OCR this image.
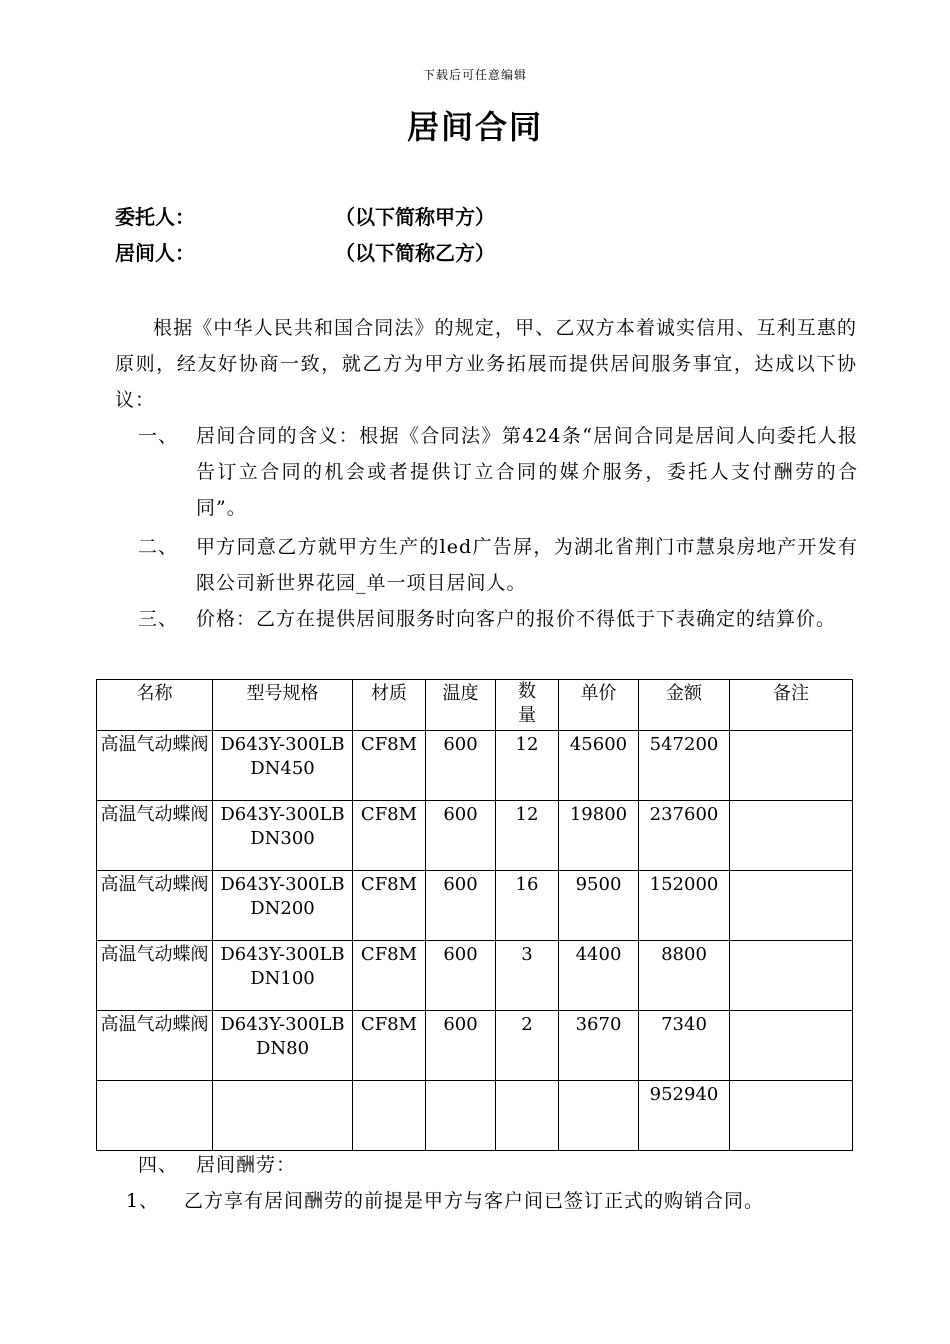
下载后可任意编辑
居间合同
委托人：	（以下简称甲方）
居间人：	（以下简称乙方）
根据《中华人民共和国合同法》的规定，甲、乙双方本着诚实信用、互利互惠的原则，经友好协商一致，就乙方为甲方业务拓展而提供居间服务事宜，达成以下协议：
一、 居间合同的含义：根据《合同法》第424条“居间合同是居间人向委托人报告订立合同的机会或者提供订立合同的媒介服务，委托人支付酬劳的合同”。
二、 甲方同意乙方就甲方生产的led广告屏，为湖北省荆门市慧泉房地产开发有限公司新世界花园_单一项目居间人。
三、 价格：乙方在提供居间服务时向客户的报价不得低于下表确定的结算价。
名称	型号规格	材质	温度	数量	单价	金额	备注
高温气动蝶阀	D643Y-300LB DN450	CF8M	600	12	45600	547200	
高温气动蝶阀	D643Y-300LB DN300	CF8M	600	12	19800	237600	
高温气动蝶阀	D643Y-300LB DN200	CF8M	600	16	9500	152000	
高温气动蝶阀	D643Y-300LB DN100	CF8M	600	3	4400	8800	
高温气动蝶阀	D643Y-300LB DN80	CF8M	600	2	3670	7340	
						952940	
四、 居间酬劳：
1、 乙方享有居间酬劳的前提是甲方与客户间已签订正式的购销合同。
